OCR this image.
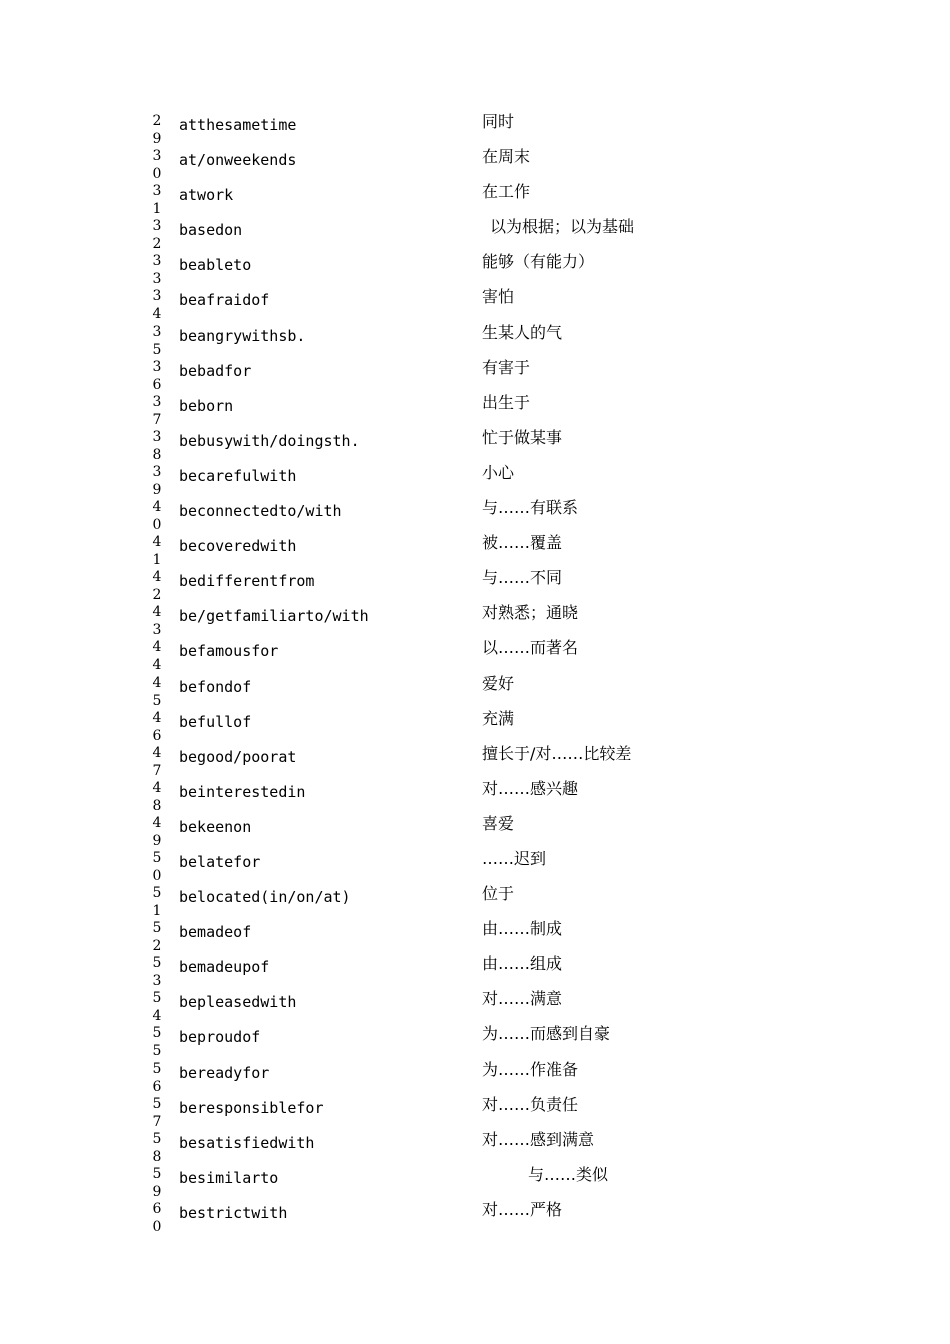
29
atthesametime	同时
30
at/onweekends	在周末
31
atwork	在工作
32
basedon	以为根据；以为基础
33
beableto	能够（有能力）
34
beafraidof	害怕
35
beangrywithsb.	生某人的气
36
bebadfor	有害于
37
beborn	出生于
38
bebusywith/doingsth.	忙于做某事
39
becarefulwith	小心
40
beconnectedto/with	与……有联系
41
becoveredwith	被……覆盖
42
bedifferentfrom	与……不同
43
be/getfamiliarto/with	对熟悉；通晓
44
befamousfor	以……而著名
45
befondof	爱好
46
befullof	充满
47
begood/poorat	擅长于/对……比较差
48
beinterestedin	对……感兴趣
49
bekeenon	喜爱
50
belatefor	……迟到
51
belocated(in/on/at)	位于
52
bemadeof	由……制成
53
bemadeupof	由……组成
54
bepleasedwith	对……满意
55
beproudof	为……而感到自豪
56
bereadyfor	为……作准备
57
beresponsiblefor	对……负责任
58
besatisfiedwith	对……感到满意
59
besimilarto	与……类似
60
bestrictwith	对……严格
